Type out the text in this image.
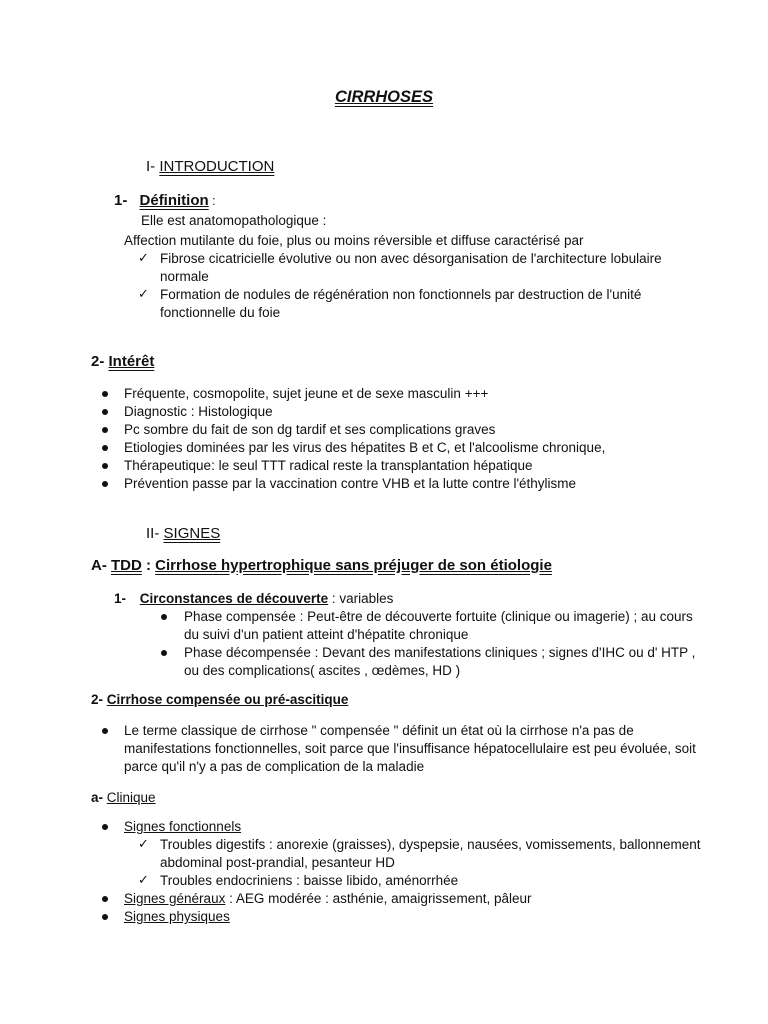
CIRRHOSES
I- INTRODUCTION
1- Définition :
Elle est anatomopathologique :
Affection mutilante du foie, plus ou moins réversible et diffuse caractérisé par
✓ Fibrose cicatricielle évolutive ou non avec désorganisation de l'architecture lobulaire
normale
✓ Formation de nodules de régénération non fonctionnels par destruction de l'unité
fonctionnelle du foie
2- Intérêt
Fréquente, cosmopolite, sujet jeune et de sexe masculin +++
Diagnostic : Histologique
Pc sombre du fait de son dg tardif et ses complications graves
Etiologies dominées par les virus des hépatites B et C, et l'alcoolisme chronique,
Thérapeutique: le seul TTT radical reste la transplantation hépatique
Prévention passe par la vaccination contre VHB et la lutte contre l'éthylisme
II- SIGNES
A- TDD : Cirrhose hypertrophique sans préjuger de son étiologie
1- Circonstances de découverte : variables
Phase compensée : Peut-être de découverte fortuite (clinique ou imagerie) ; au cours
du suivi d'un patient atteint d'hépatite chronique
Phase décompensée : Devant des manifestations cliniques ; signes d'IHC ou d' HTP ,
ou des complications( ascites , œdèmes, HD )
2- Cirrhose compensée ou pré-ascitique
Le terme classique de cirrhose " compensée " définit un état où la cirrhose n'a pas de
manifestations fonctionnelles, soit parce que l'insuffisance hépatocellulaire est peu évoluée, soit
parce qu'il n'y a pas de complication de la maladie
a- Clinique
Signes fonctionnels
✓ Troubles digestifs : anorexie (graisses), dyspepsie, nausées, vomissements, ballonnement
abdominal post-prandial, pesanteur HD
✓ Troubles endocriniens : baisse libido, aménorrhée
Signes généraux : AEG modérée : asthénie, amaigrissement, pâleur
Signes physiques
